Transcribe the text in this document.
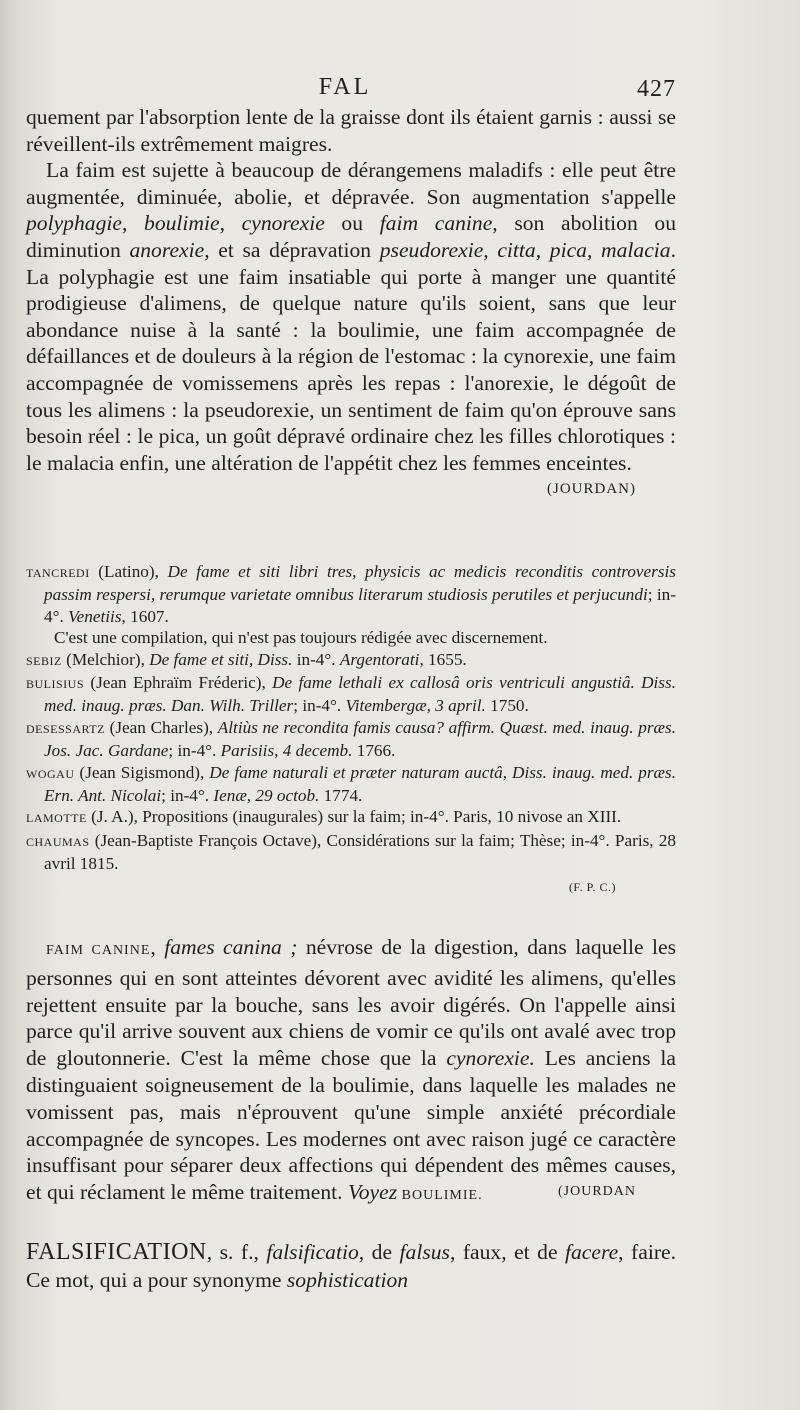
FAL	427

quement par l'absorption lente de la graisse dont ils étaient garnis : aussi se réveillent-ils extrêmement maigres.

La faim est sujette à beaucoup de dérangemens maladifs : elle peut être augmentée, diminuée, abolie, et dépravée. Son augmentation s'appelle polyphagie, boulimie, cynorexie ou faim canine, son abolition ou diminution anorexie, et sa dépravation pseudorexie, citta, pica, malacia. La polyphagie est une faim insatiable qui porte à manger une quantité prodigieuse d'alimens, de quelque nature qu'ils soient, sans que leur abondance nuise à la santé : la boulimie, une faim accompagnée de défaillances et de douleurs à la région de l'estomac : la cynorexie, une faim accompagnée de vomissemens après les repas : l'anorexie, le dégoût de tous les alimens : la pseudorexie, un sentiment de faim qu'on éprouve sans besoin réel : le pica, un goût dépravé ordinaire chez les filles chlorotiques : le malacia enfin, une altération de l'appétit chez les femmes enceintes.
(JOURDAN)

TANCREDI (Latino), De fame et siti libri tres, physicis ac medicis reconditis controversis passim respersi, rerumque varietate omnibus literarum studiosis perutiles et perjucundi; in-4°. Venetiis, 1607.

C'est une compilation, qui n'est pas toujours rédigée avec discernement.

SEBIZ (Melchior), De fame et siti, Diss. in-4°. Argentorati, 1655.

BULISIUS (Jean Ephraïm Fréderic), De fame lethali ex callosâ oris ventriculi angustiâ. Diss. med. inaug. præs. Dan. Wilh. Triller; in-4°. Vitembergæ, 3 april. 1750.

DESESSARTZ (Jean Charles), Altiùs ne recondita famis causa? affirm. Quæst. med. inaug. præs. Jos. Jac. Gardane; in-4°. Parisiis, 4 decemb. 1766.

WOGAU (Jean Sigismond), De fame naturali et præter naturam auctâ, Diss. inaug. med. præs. Ern. Ant. Nicolai; in-4°. Ienæ, 29 octob. 1774.

LAMOTTE (J. A.), Propositions (inaugurales) sur la faim; in-4°. Paris, 10 nivose an XIII.

CHAUMAS (Jean-Baptiste François Octave), Considérations sur la faim; Thèse; in-4°. Paris, 28 avril 1815.

(F. P. C.)

FAIM CANINE, fames canina ; névrose de la digestion, dans laquelle les personnes qui en sont atteintes dévorent avec avidité les alimens, qu'elles rejettent ensuite par la bouche, sans les avoir digérés. On l'appelle ainsi parce qu'il arrive souvent aux chiens de vomir ce qu'ils ont avalé avec trop de gloutonnerie. C'est la même chose que la cynorexie. Les anciens la distinguaient soigneusement de la boulimie, dans laquelle les malades ne vomissent pas, mais n'éprouvent qu'une simple anxiété précordiale accompagnée de syncopes. Les modernes ont avec raison jugé ce caractère insuffisant pour séparer deux affections qui dépendent des mêmes causes, et qui réclament le même traitement. Voyez BOULIMIE.	(JOURDAN

FALSIFICATION, s. f., falsificatio, de falsus, faux, et de facere, faire. Ce mot, qui a pour synonyme sophistication
